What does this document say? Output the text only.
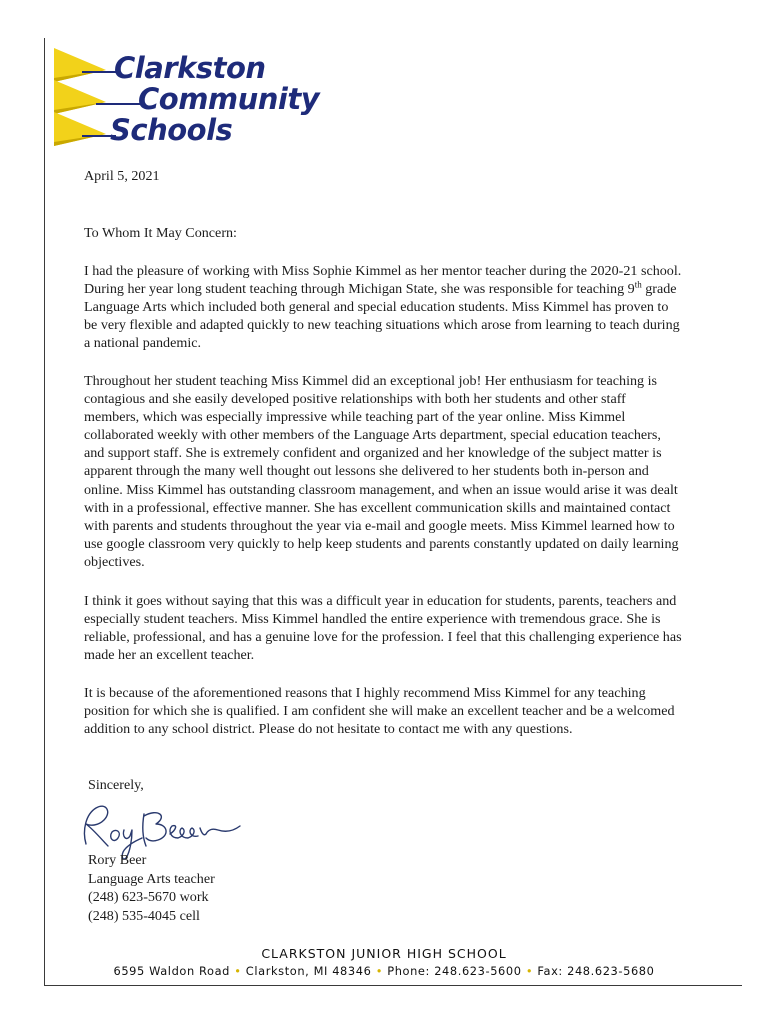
Clarkston
Community
Schools
April 5, 2021
To Whom It May Concern:

I had the pleasure of working with Miss Sophie Kimmel as her mentor teacher during the 2020-21 school. During her year long student teaching through Michigan State, she was responsible for teaching 9th grade Language Arts which included both general and special education students. Miss Kimmel has proven to be very flexible and adapted quickly to new teaching situations which arose from learning to teach during a national pandemic.

Throughout her student teaching Miss Kimmel did an exceptional job! Her enthusiasm for teaching is contagious and she easily developed positive relationships with both her students and other staff members, which was especially impressive while teaching part of the year online. Miss Kimmel collaborated weekly with other members of the Language Arts department, special education teachers, and support staff. She is extremely confident and organized and her knowledge of the subject matter is apparent through the many well thought out lessons she delivered to her students both in-person and online. Miss Kimmel has outstanding classroom management, and when an issue would arise it was dealt with in a professional, effective manner. She has excellent communication skills and maintained contact with parents and students throughout the year via e-mail and google meets. Miss Kimmel learned how to use google classroom very quickly to help keep students and parents constantly updated on daily learning objectives.

I think it goes without saying that this was a difficult year in education for students, parents, teachers and especially student teachers. Miss Kimmel handled the entire experience with tremendous grace. She is reliable, professional, and has a genuine love for the profession. I feel that this challenging experience has made her an excellent teacher.

It is because of the aforementioned reasons that I highly recommend Miss Kimmel for any teaching position for which she is qualified. I am confident she will make an excellent teacher and be a welcomed addition to any school district. Please do not hesitate to contact me with any questions.

Sincerely,
Rory Beer
Language Arts teacher
(248) 623-5670 work
(248) 535-4045 cell
CLARKSTON JUNIOR HIGH SCHOOL
6595 Waldon Road • Clarkston, MI 48346 • Phone: 248.623-5600 • Fax: 248.623-5680
